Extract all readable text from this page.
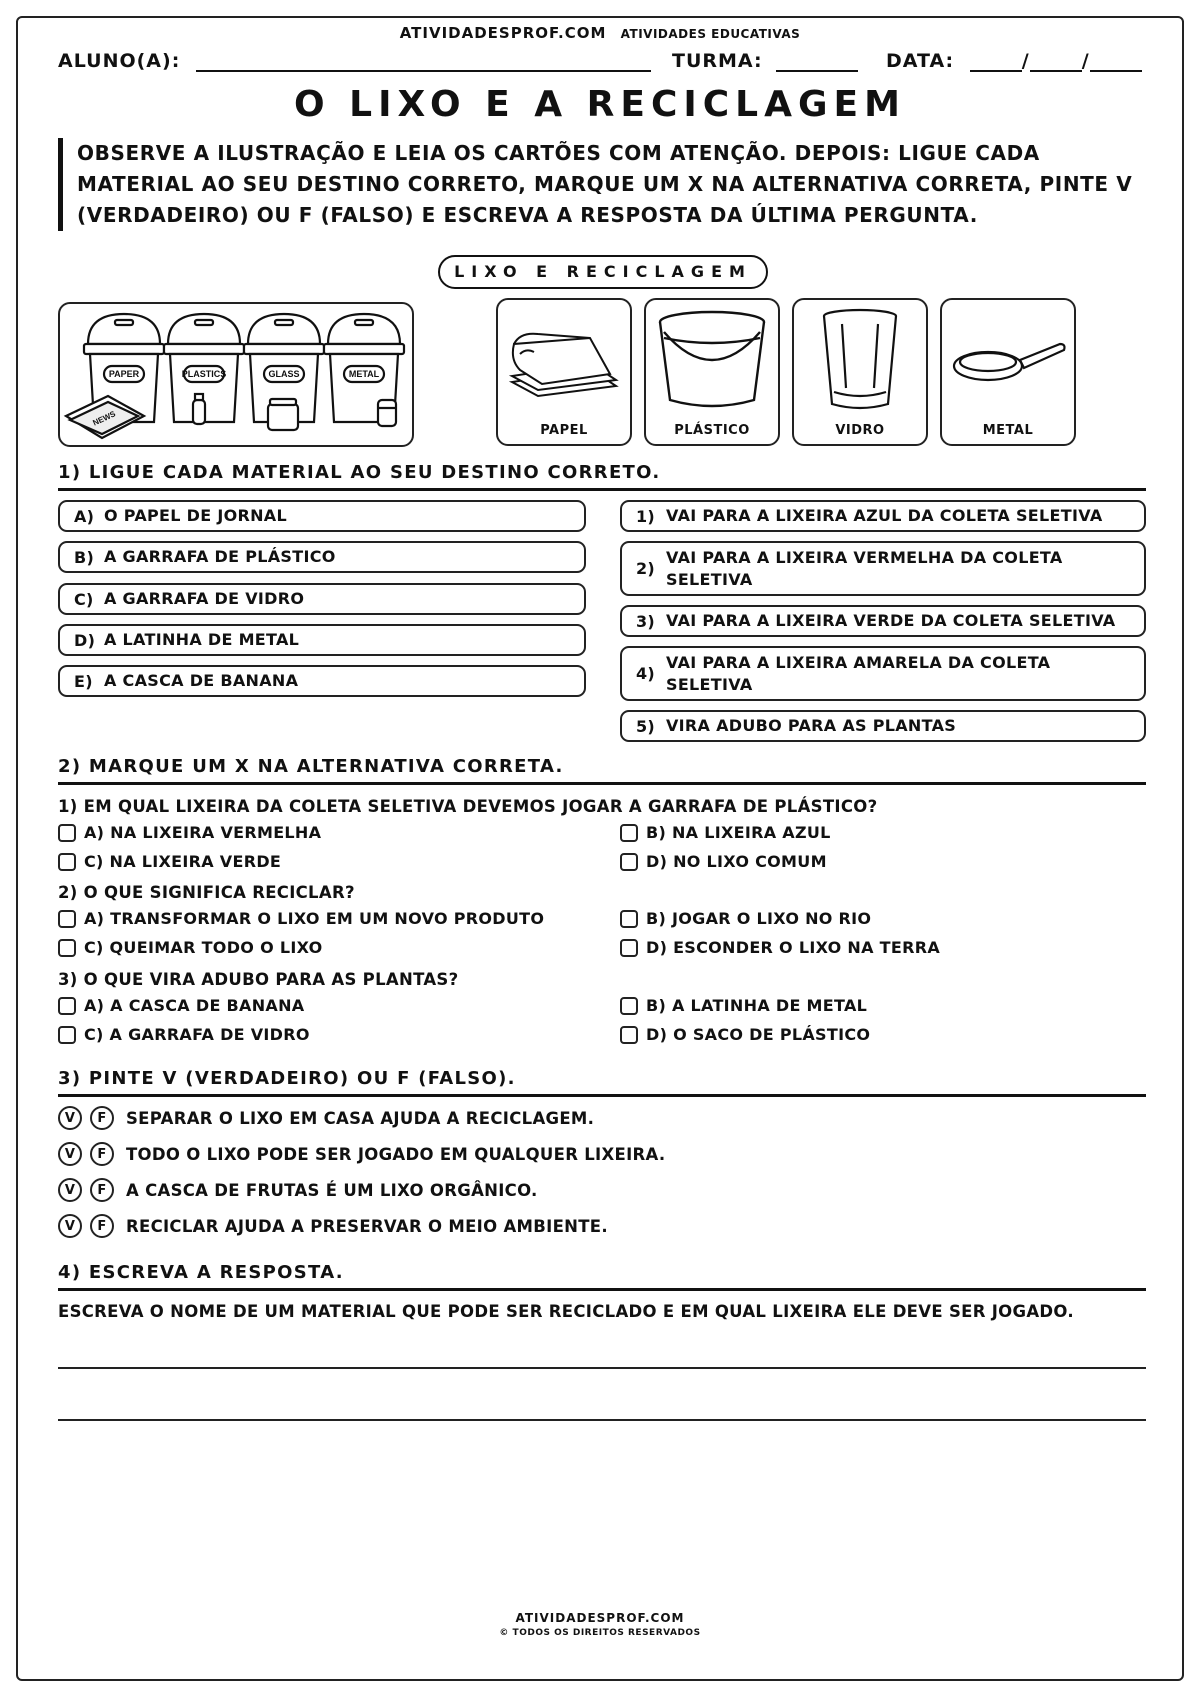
ATIVIDADESPROF.COM ATIVIDADES EDUCATIVAS
ALUNO(A):	TURMA:	DATA:	/	/
O LIXO E A RECICLAGEM
OBSERVE A ILUSTRAÇÃO E LEIA OS CARTÕES COM ATENÇÃO. DEPOIS: LIGUE CADA MATERIAL AO SEU DESTINO CORRETO, MARQUE UM X NA ALTERNATIVA CORRETA, PINTE V (VERDADEIRO) OU F (FALSO) E ESCREVA A RESPOSTA DA ÚLTIMA PERGUNTA.
LIXO E RECICLAGEM
PAPER	PLASTICS	GLASS	METAL
NEWS
PAPEL	PLÁSTICO	VIDRO	METAL
1) LIGUE CADA MATERIAL AO SEU DESTINO CORRETO.
A) O PAPEL DE JORNAL
B) A GARRAFA DE PLÁSTICO
C) A GARRAFA DE VIDRO
D) A LATINHA DE METAL
E) A CASCA DE BANANA
1) VAI PARA A LIXEIRA AZUL DA COLETA SELETIVA
2)
VAI PARA A LIXEIRA VERMELHA DA COLETA SELETIVA
3) VAI PARA A LIXEIRA VERDE DA COLETA SELETIVA
4)
VAI PARA A LIXEIRA AMARELA DA COLETA SELETIVA
5) VIRA ADUBO PARA AS PLANTAS
2) MARQUE UM X NA ALTERNATIVA CORRETA.
1) EM QUAL LIXEIRA DA COLETA SELETIVA DEVEMOS JOGAR A GARRAFA DE PLÁSTICO?
A) NA LIXEIRA VERMELHA	B) NA LIXEIRA AZUL
C) NA LIXEIRA VERDE	D) NO LIXO COMUM
2) O QUE SIGNIFICA RECICLAR?
A) TRANSFORMAR O LIXO EM UM NOVO PRODUTO	B) JOGAR O LIXO NO RIO
C) QUEIMAR TODO O LIXO	D) ESCONDER O LIXO NA TERRA
3) O QUE VIRA ADUBO PARA AS PLANTAS?
A) A CASCA DE BANANA	B) A LATINHA DE METAL
C) A GARRAFA DE VIDRO	D) O SACO DE PLÁSTICO
3) PINTE V (VERDADEIRO) OU F (FALSO).
V	F	SEPARAR O LIXO EM CASA AJUDA A RECICLAGEM.
V	F	TODO O LIXO PODE SER JOGADO EM QUALQUER LIXEIRA.
V	F	A CASCA DE FRUTAS É UM LIXO ORGÂNICO.
V	F	RECICLAR AJUDA A PRESERVAR O MEIO AMBIENTE.
4) ESCREVA A RESPOSTA.
ESCREVA O NOME DE UM MATERIAL QUE PODE SER RECICLADO E EM QUAL LIXEIRA ELE DEVE SER JOGADO.
ATIVIDADESPROF.COM
© TODOS OS DIREITOS RESERVADOS
